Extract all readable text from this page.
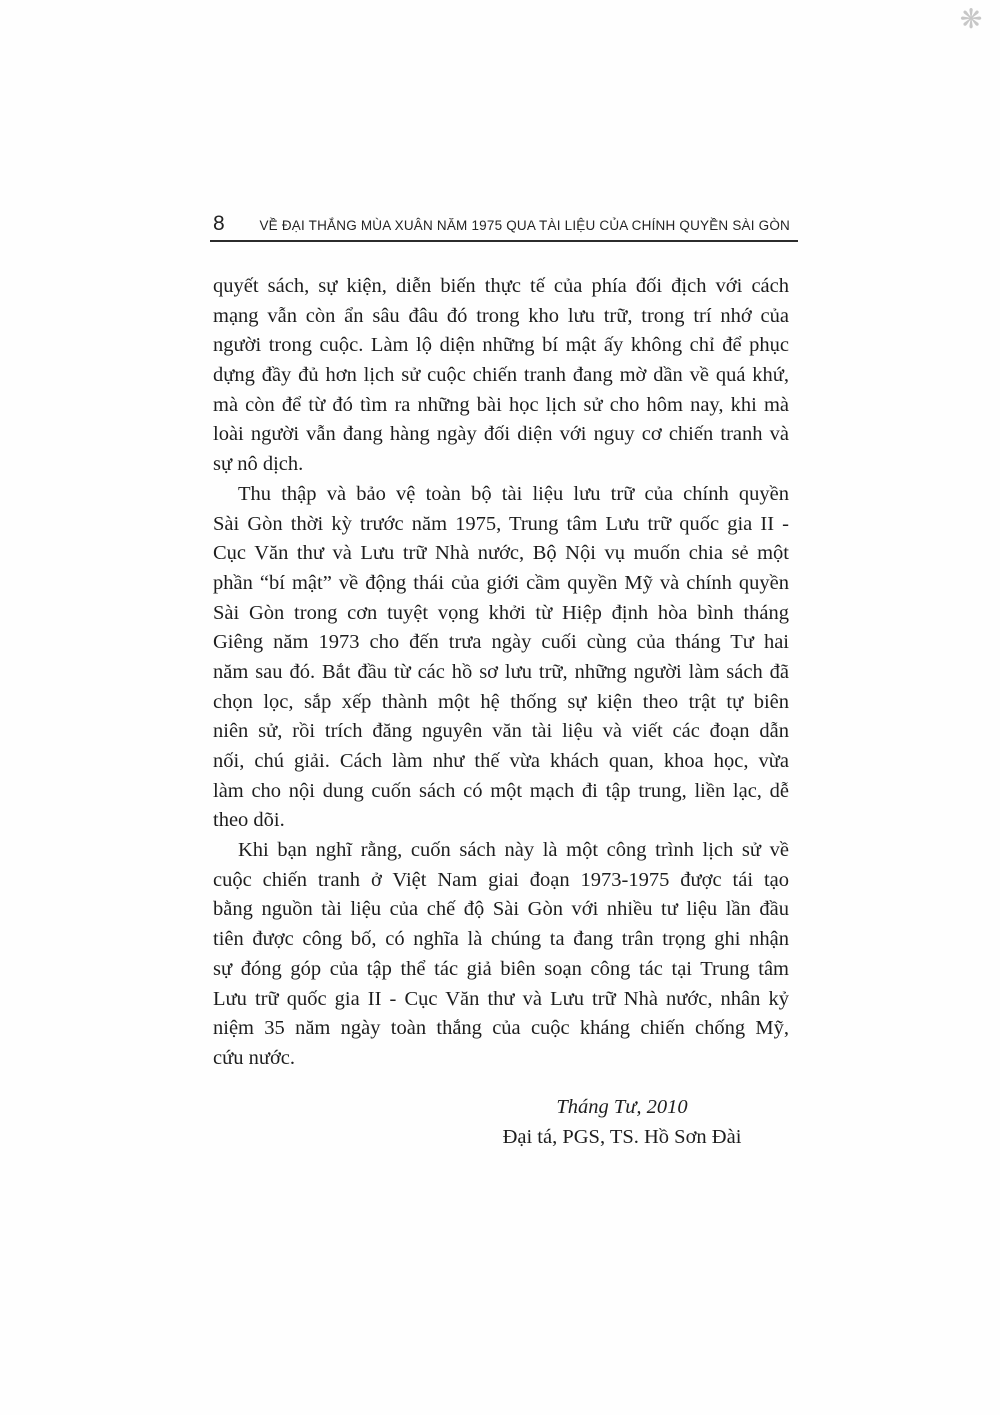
❋
8	VỀ ĐẠI THẮNG MÙA XUÂN NĂM 1975 QUA TÀI LIỆU CỦA CHÍNH QUYỀN SÀI GÒN
quyết sách, sự kiện, diễn biến thực tế của phía đối địch với cách
mạng vẫn còn ẩn sâu đâu đó trong kho lưu trữ, trong trí nhớ của
người trong cuộc. Làm lộ diện những bí mật ấy không chỉ để phục
dựng đầy đủ hơn lịch sử cuộc chiến tranh đang mờ dần về quá khứ,
mà còn để từ đó tìm ra những bài học lịch sử cho hôm nay, khi mà
loài người vẫn đang hàng ngày đối diện với nguy cơ chiến tranh và
sự nô dịch.
Thu thập và bảo vệ toàn bộ tài liệu lưu trữ của chính quyền
Sài Gòn thời kỳ trước năm 1975, Trung tâm Lưu trữ quốc gia II -
Cục Văn thư và Lưu trữ Nhà nước, Bộ Nội vụ muốn chia sẻ một
phần “bí mật” về động thái của giới cầm quyền Mỹ và chính quyền
Sài Gòn trong cơn tuyệt vọng khởi từ Hiệp định hòa bình tháng
Giêng năm 1973 cho đến trưa ngày cuối cùng của tháng Tư hai
năm sau đó. Bắt đầu từ các hồ sơ lưu trữ, những người làm sách đã
chọn lọc, sắp xếp thành một hệ thống sự kiện theo trật tự biên
niên sử, rồi trích đăng nguyên văn tài liệu và viết các đoạn dẫn
nối, chú giải. Cách làm như thế vừa khách quan, khoa học, vừa
làm cho nội dung cuốn sách có một mạch đi tập trung, liền lạc, dễ
theo dõi.
Khi bạn nghĩ rằng, cuốn sách này là một công trình lịch sử về
cuộc chiến tranh ở Việt Nam giai đoạn 1973-1975 được tái tạo
bằng nguồn tài liệu của chế độ Sài Gòn với nhiều tư liệu lần đầu
tiên được công bố, có nghĩa là chúng ta đang trân trọng ghi nhận
sự đóng góp của tập thể tác giả biên soạn công tác tại Trung tâm
Lưu trữ quốc gia II - Cục Văn thư và Lưu trữ Nhà nước, nhân kỷ
niệm 35 năm ngày toàn thắng của cuộc kháng chiến chống Mỹ,
cứu nước.
Tháng Tư, 2010
Đại tá, PGS, TS. Hồ Sơn Đài
